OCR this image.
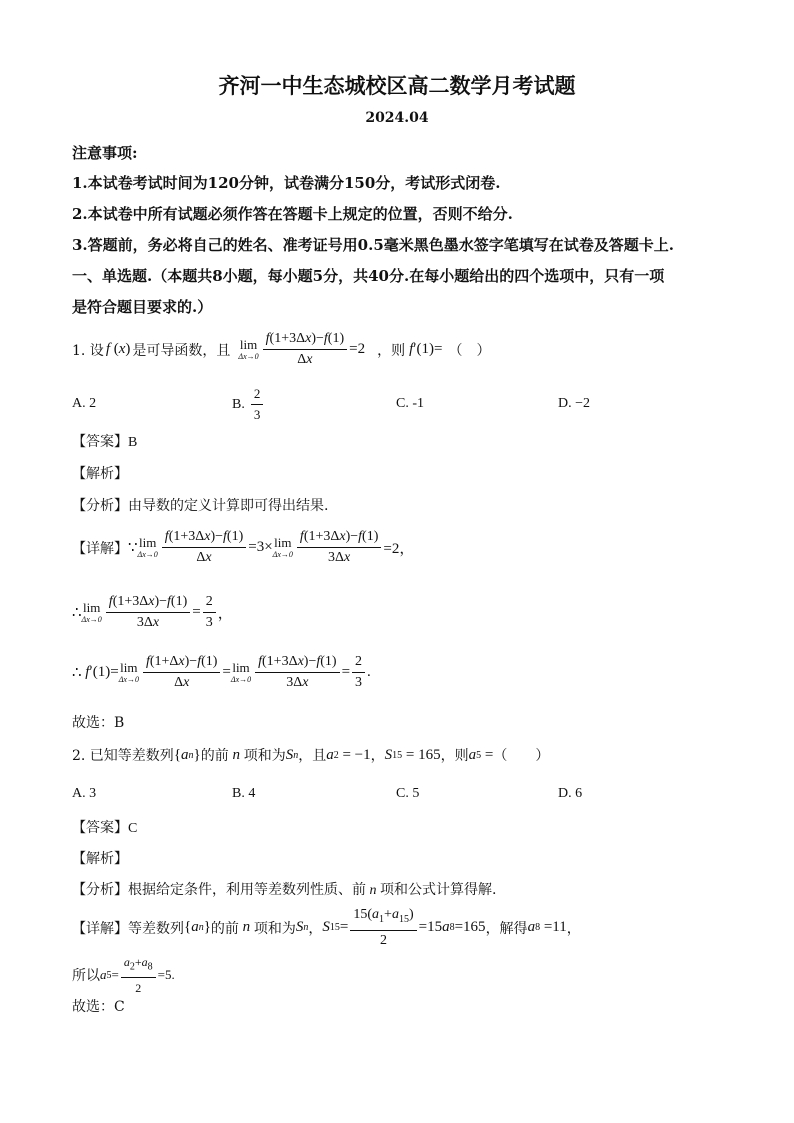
齐河一中生态城校区高二数学月考试题
2024.04
注意事项:
1.本试卷考试时间为120分钟，试卷满分150分，考试形式闭卷.
2.本试卷中所有试题必须作答在答题卡上规定的位置，否则不给分.
3.答题前，务必将自己的姓名、准考证号用0.5毫米黑色墨水签字笔填写在试卷及答题卡上.
一、单选题.（本题共8小题，每小题5分，共40分.在每小题给出的四个选项中，只有一项
是符合题目要求的.）
1. 设 f ( x ) 是可导函数，且 lim
$\Delta x\to 0 \frac{f(1+3\Delta x)-f(1)}{\Delta x} =2$ ，则 f ′(1)= （　）
A. 2	B. $\frac{2}{3}$	C. -1	D. −2
【答案】B
【解析】
【分析】由导数的定义计算即可得出结果.
【详解】 ∵ lim
$\Delta x\to 0 \frac{f(1+3\Delta x)-f(1)}{\Delta x} =3\times \lim$
$\Delta x\to 0 \frac{f(1+3\Delta x)-f(1)}{3\Delta x} =2$，
∴ lim
$\Delta x\to 0 \frac{f(1+3\Delta x)-f(1)}{3\Delta x} = \frac{2}{3}$ ，
∴ f ′(1)= lim
$\Delta x\to 0 \frac{f(1+\Delta x)-f(1)}{\Delta x} = \lim$
$\Delta x\to 0 \frac{f(1+3\Delta x)-f(1)}{3\Delta x} = \frac{2}{3}$ .
故选：B
2. 已知等差数列 { a n } 的前 n 项和为 S n ，且 a 2 = −1 ， S 15 = 165 ，则 a 5 = （　　）
A. 3	B. 4	C. 5	D. 6
【答案】C
【解析】
【分析】根据给定条件，利用等差数列性质、前 n 项和公式计算得解.
【详解】 等差数列 { a n } 的前 n 项和为 S n ， S $15 = \frac{15(a_1+a_{15})}{2} =15$ a 8 =165 ，解得 a 8 =11 ，
所以 a $5 = \frac{a_2+a_8}{2} =5$.
故选：C
